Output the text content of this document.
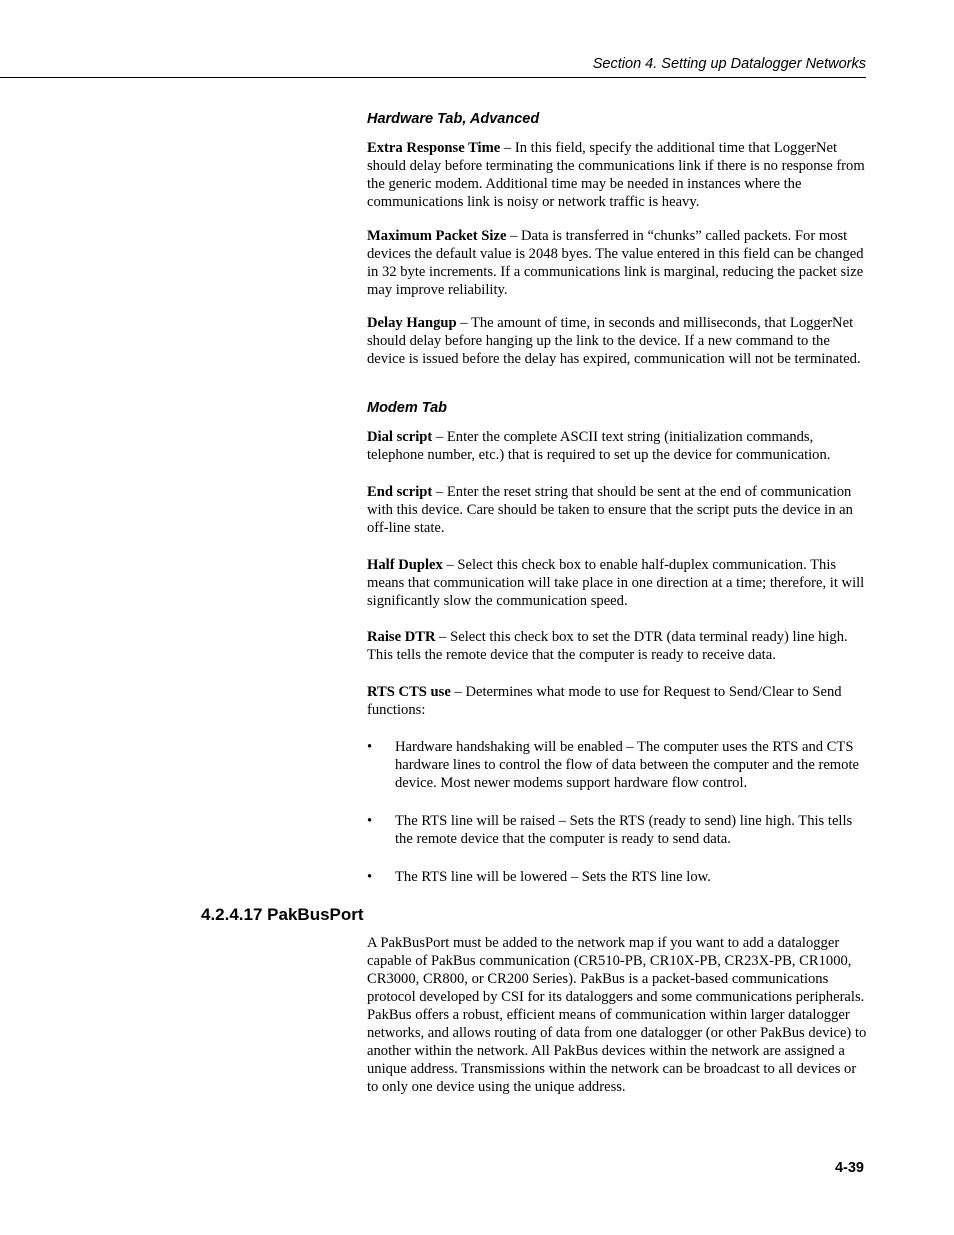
Section 4. Setting up Datalogger Networks
Hardware Tab, Advanced
Extra Response Time – In this field, specify the additional time that LoggerNet should delay before terminating the communications link if there is no response from the generic modem. Additional time may be needed in instances where the communications link is noisy or network traffic is heavy.
Maximum Packet Size – Data is transferred in “chunks” called packets. For most devices the default value is 2048 byes. The value entered in this field can be changed in 32 byte increments. If a communications link is marginal, reducing the packet size may improve reliability.
Delay Hangup – The amount of time, in seconds and milliseconds, that LoggerNet should delay before hanging up the link to the device. If a new command to the device is issued before the delay has expired, communication will not be terminated.
Modem Tab
Dial script – Enter the complete ASCII text string (initialization commands, telephone number, etc.) that is required to set up the device for communication.
End script – Enter the reset string that should be sent at the end of communication with this device. Care should be taken to ensure that the script puts the device in an off-line state.
Half Duplex – Select this check box to enable half-duplex communication. This means that communication will take place in one direction at a time; therefore, it will significantly slow the communication speed.
Raise DTR – Select this check box to set the DTR (data terminal ready) line high. This tells the remote device that the computer is ready to receive data.
RTS CTS use – Determines what mode to use for Request to Send/Clear to Send functions:
• Hardware handshaking will be enabled – The computer uses the RTS and CTS hardware lines to control the flow of data between the computer and the remote device. Most newer modems support hardware flow control.
• The RTS line will be raised – Sets the RTS (ready to send) line high. This tells the remote device that the computer is ready to send data.
• The RTS line will be lowered – Sets the RTS line low.
4.2.4.17 PakBusPort
A PakBusPort must be added to the network map if you want to add a datalogger capable of PakBus communication (CR510-PB, CR10X-PB, CR23X-PB, CR1000, CR3000, CR800, or CR200 Series). PakBus is a packet-based communications protocol developed by CSI for its dataloggers and some communications peripherals. PakBus offers a robust, efficient means of communication within larger datalogger networks, and allows routing of data from one datalogger (or other PakBus device) to another within the network. All PakBus devices within the network are assigned a unique address. Transmissions within the network can be broadcast to all devices or to only one device using the unique address.
4-39
